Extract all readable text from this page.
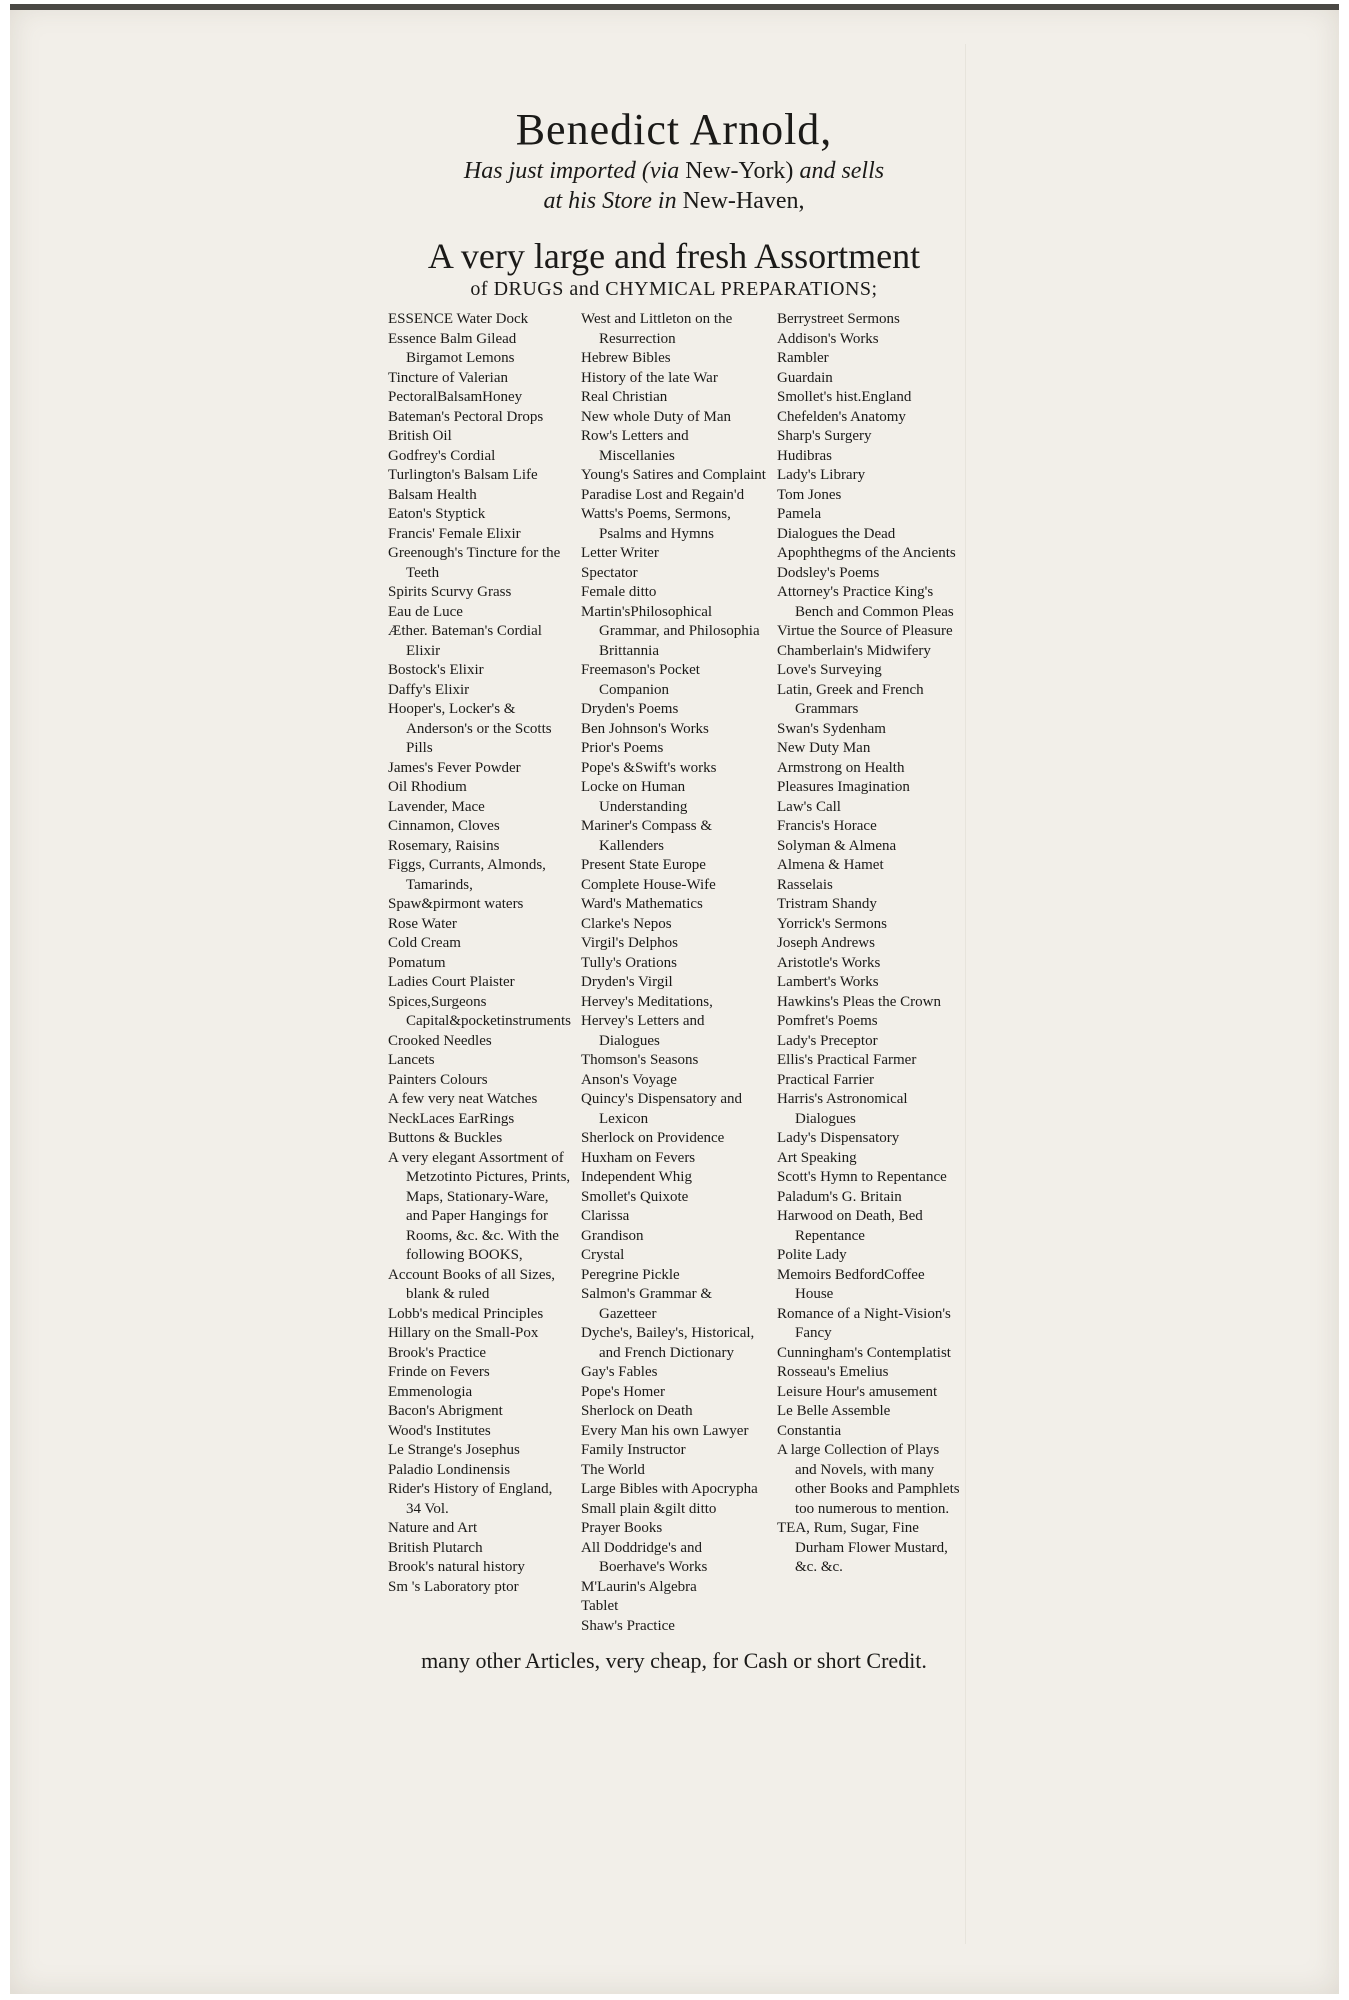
Benedict Arnold,

Has just imported (via New-York) and sells

at his Store in New-Haven,

A very large and fresh Assortment
of DRUGS and CHYMICAL PREPARATIONS;
ESSENCE Water Dock
Essence Balm Gilead Birgamot Lemons
Tincture of Valerian
PectoralBalsamHoney
Bateman's Pectoral Drops
British Oil
Godfrey's Cordial
Turlington's Balsam Life
Balsam Health
Eaton's Styptick
Francis' Female Elixir
Greenough's Tincture for the Teeth
Spirits Scurvy Grass
Eau de Luce
Æther. Bateman's Cordial Elixir
Bostock's Elixir
Daffy's Elixir
Hooper's, Locker's & Anderson's or the Scotts Pills
James's Fever Powder
Oil Rhodium
Lavender, Mace
Cinnamon, Cloves
Rosemary, Raisins
Figgs, Currants, Almonds, Tamarinds,
Spaw&pirmont waters
Rose Water
Cold Cream
Pomatum
Ladies Court Plaister
Spices,Surgeons Capital&pocketinstruments
Crooked Needles
Lancets
Painters Colours
A few very neat Watches
NeckLaces EarRings
Buttons & Buckles
A very elegant Assortment of Metzotinto Pictures, Prints, Maps, Stationary-Ware, and Paper Hangings for Rooms, &c. &c. With the following BOOKS,
Account Books of all Sizes, blank & ruled
Lobb's medical Principles
Hillary on the Small-Pox
Brook's Practice
Frinde on Fevers
Emmenologia
Bacon's Abrigment
Wood's Institutes
Le Strange's Josephus
Paladio Londinensis
Rider's History of England, 34 Vol.
Nature and Art
British Plutarch
Brook's natural history
Sm 's Laboratory ptor
West and Littleton on the Resurrection
Hebrew Bibles
History of the late War
Real Christian
New whole Duty of Man
Row's Letters and Miscellanies
Young's Satires and Complaint
Paradise Lost and Regain'd
Watts's Poems, Sermons, Psalms and Hymns
Letter Writer
Spectator
Female ditto
Martin'sPhilosophical Grammar, and Philosophia Brittannia
Freemason's Pocket Companion
Dryden's Poems
Ben Johnson's Works
Prior's Poems
Pope's &Swift's works
Locke on Human Understanding
Mariner's Compass & Kallenders
Present State Europe
Complete House-Wife
Ward's Mathematics
Clarke's Nepos
Virgil's Delphos
Tully's Orations
Dryden's Virgil
Hervey's Meditations,
Hervey's Letters and Dialogues
Thomson's Seasons
Anson's Voyage
Quincy's Dispensatory and Lexicon
Sherlock on Providence
Huxham on Fevers
Independent Whig
Smollet's Quixote
Clarissa
Grandison
Crystal
Peregrine Pickle
Salmon's Grammar & Gazetteer
Dyche's, Bailey's, Historical, and French Dictionary
Gay's Fables
Pope's Homer
Sherlock on Death
Every Man his own Lawyer
Family Instructor
The World
Large Bibles with Apocrypha
Small plain &gilt ditto
Prayer Books
All Doddridge's and Boerhave's Works
M'Laurin's Algebra
Tablet
Shaw's Practice
Berrystreet Sermons
Addison's Works
Rambler
Guardain
Smollet's hist.England
Chefelden's Anatomy
Sharp's Surgery
Hudibras
Lady's Library
Tom Jones
Pamela
Dialogues the Dead
Apophthegms of the Ancients
Dodsley's Poems
Attorney's Practice King's Bench and Common Pleas
Virtue the Source of Pleasure
Chamberlain's Midwifery
Love's Surveying
Latin, Greek and French Grammars
Swan's Sydenham
New Duty Man
Armstrong on Health
Pleasures Imagination
Law's Call
Francis's Horace
Solyman & Almena
Almena & Hamet
Rasselais
Tristram Shandy
Yorrick's Sermons
Joseph Andrews
Aristotle's Works
Lambert's Works
Hawkins's Pleas the Crown
Pomfret's Poems
Lady's Preceptor
Ellis's Practical Farmer
Practical Farrier
Harris's Astronomical Dialogues
Lady's Dispensatory
Art Speaking
Scott's Hymn to Repentance
Paladum's G. Britain
Harwood on Death, Bed Repentance
Polite Lady
Memoirs BedfordCoffee House
Romance of a Night-Vision's Fancy
Cunningham's Contemplatist
Rosseau's Emelius
Leisure Hour's amusement
Le Belle Assemble
Constantia
A large Collection of Plays and Novels, with many other Books and Pamphlets too numerous to mention.
TEA, Rum, Sugar, Fine Durham Flower Mustard, &c. &c.
many other Articles, very cheap, for Cash or short Credit.
